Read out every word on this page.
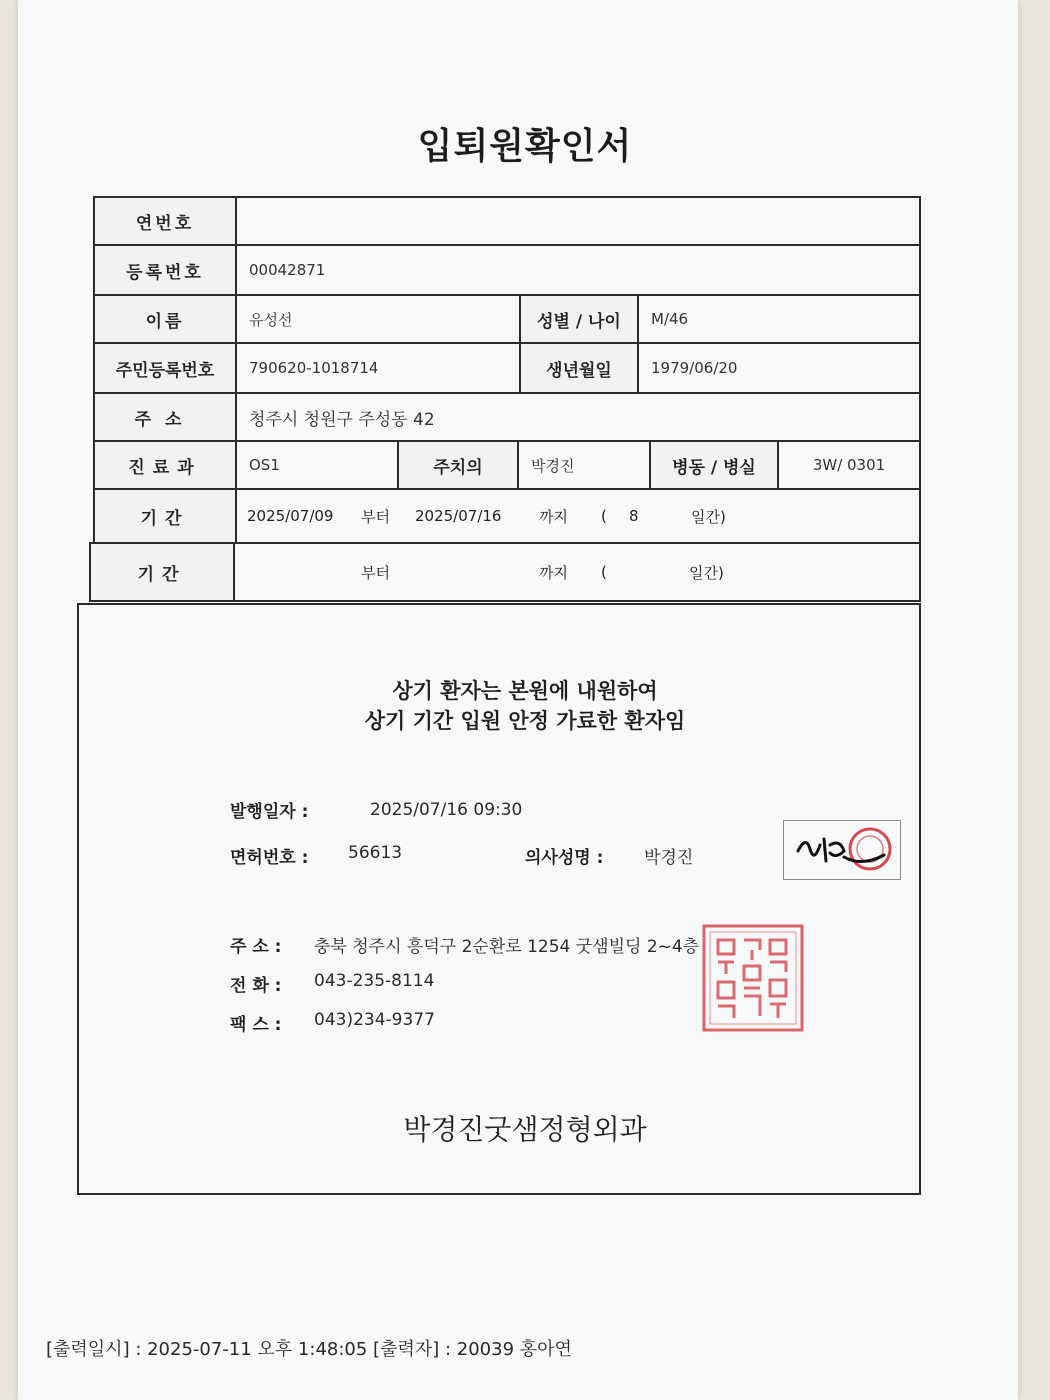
입퇴원확인서
연번호
등록번호	00042871
이름	유성선	성별 / 나이	M/46
주민등록번호	790620-1018714	생년월일	1979/06/20
주소	청주시 청원구 주성동 42
진료과	OS1	주치의	박경진	병동 / 병실	3W/ 0301
기간	2025/07/09 부터 2025/07/16	까지 ( 8	일간)
기간	부터	까지 (	일간)
상기 환자는 본원에 내원하여
상기 기간 입원 안정 가료한 환자임
발행일자 :	2025/07/16 09:30
면허번호 : 56613	의사성명 : 박경진
주 소 : 충북 청주시 흥덕구 2순환로 1254 굿샘빌딩 2~4층
전 화 : 043-235-8114
팩 스 : 043)234-9377
박경진굿샘정형외과
[출력일시] : 2025-07-11 오후 1:48:05 [출력자] : 20039 홍아연
